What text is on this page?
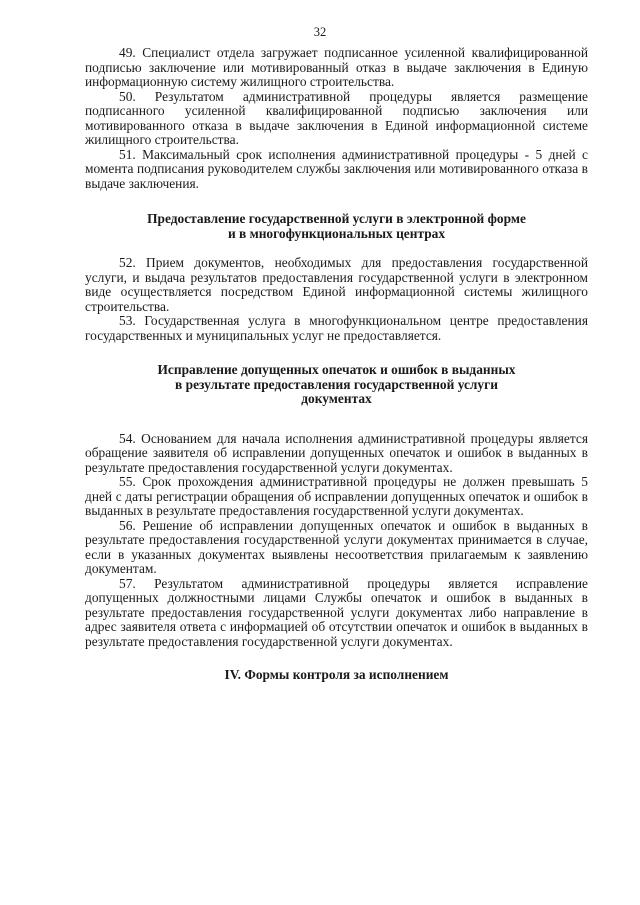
32

49. Специалист отдела загружает подписанное усиленной квалифицированной подписью заключение или мотивированный отказ в выдаче заключения в Единую информационную систему жилищного строительства.

50. Результатом административной процедуры является размещение подписанного усиленной квалифицированной подписью заключения или мотивированного отказа в выдаче заключения в Единой информационной системе жилищного строительства.

51. Максимальный срок исполнения административной процедуры - 5 дней с момента подписания руководителем службы заключения или мотивированного отказа в выдаче заключения.

Предоставление государственной услуги в электронной форме
и в многофункциональных центрах

52. Прием документов, необходимых для предоставления государственной услуги, и выдача результатов предоставления государственной услуги в электронном виде осуществляется посредством Единой информационной системы жилищного строительства.

53. Государственная услуга в многофункциональном центре предоставления государственных и муниципальных услуг не предоставляется.

Исправление допущенных опечаток и ошибок в выданных
в результате предоставления государственной услуги
документах

54. Основанием для начала исполнения административной процедуры является обращение заявителя об исправлении допущенных опечаток и ошибок в выданных в результате предоставления государственной услуги документах.

55. Срок прохождения административной процедуры не должен превышать 5 дней с даты регистрации обращения об исправлении допущенных опечаток и ошибок в выданных в результате предоставления государственной услуги документах.

56. Решение об исправлении допущенных опечаток и ошибок в выданных в результате предоставления государственной услуги документах принимается в случае, если в указанных документах выявлены несоответствия прилагаемым к заявлению документам.

57. Результатом административной процедуры является исправление допущенных должностными лицами Службы опечаток и ошибок в выданных в результате предоставления государственной услуги документах либо направление в адрес заявителя ответа с информацией об отсутствии опечаток и ошибок в выданных в результате предоставления государственной услуги документах.

IV. Формы контроля за исполнением
